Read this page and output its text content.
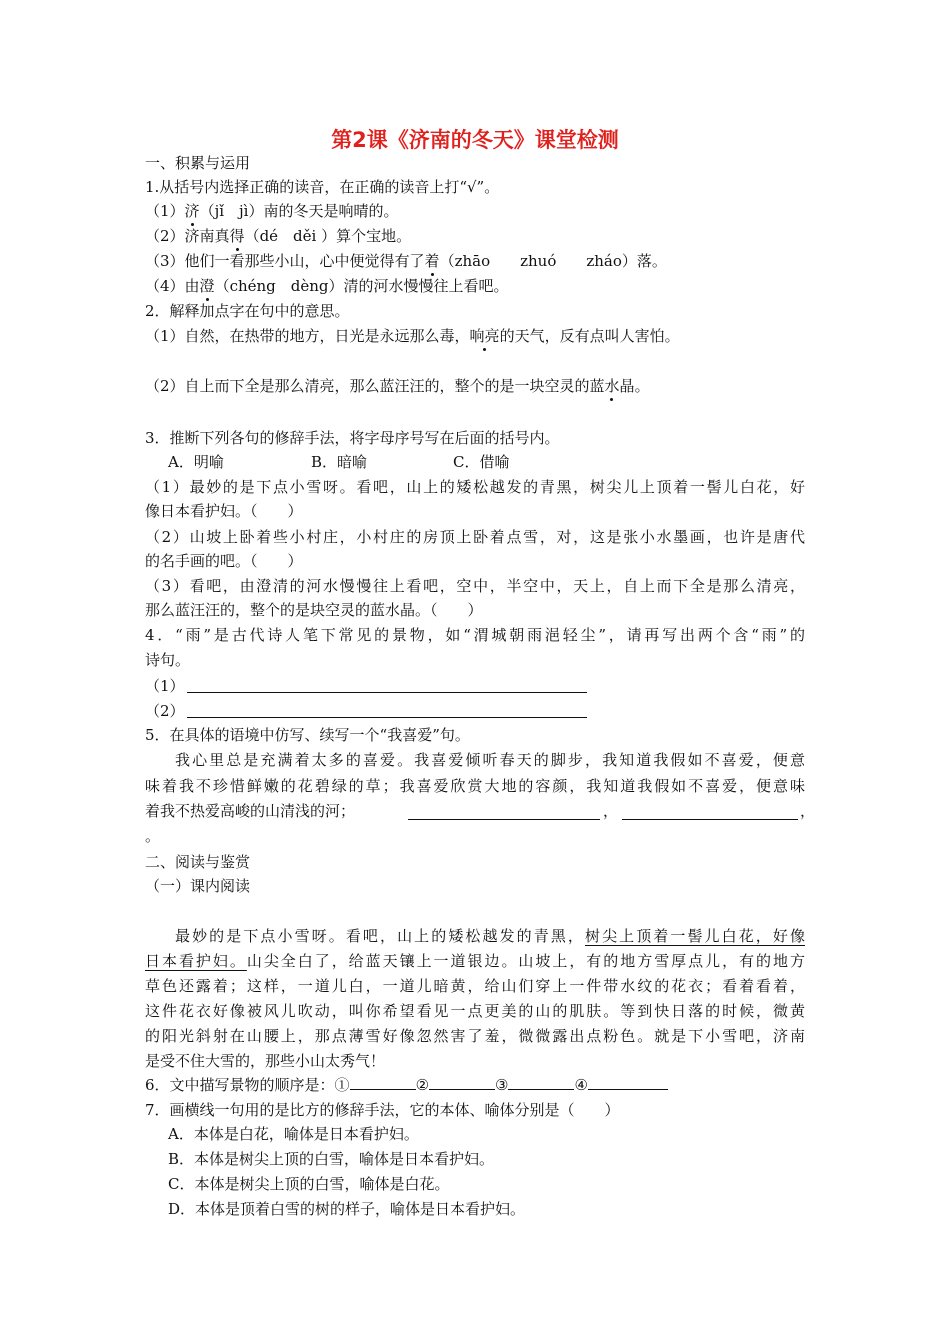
第2课《济南的冬天》课堂检测
一、积累与运用
1.从括号内选择正确的读音，在正确的读音上打“√”。
（1）济（jǐ　jì）南的冬天是响晴的。
（2）济南真得（dé　děi ）算个宝地。
（3）他们一看那些小山，心中便觉得有了着（zhāo　　zhuó　　zháo）落。
（4）由澄（chéng　dèng）清的河水慢慢往上看吧。
2．解释加点字在句中的意思。
（1）自然，在热带的地方，日光是永远那么毒，响亮的天气，反有点叫人害怕。
（2）自上而下全是那么清亮，那么蓝汪汪的，整个的是一块空灵的蓝水晶。
3．推断下列各句的修辞手法，将字母序号写在后面的括号内。
A．明喻	B．暗喻	C．借喻
（1）最妙的是下点小雪呀。看吧，山上的矮松越发的青黑，树尖儿上顶着一髻儿白花，好
像日本看护妇。（　　）
（2）山坡上卧着些小村庄，小村庄的房顶上卧着点雪，对，这是张小水墨画，也许是唐代
的名手画的吧。（　　）
（3）看吧，由澄清的河水慢慢往上看吧，空中，半空中，天上，自上而下全是那么清亮，
那么蓝汪汪的，整个的是块空灵的蓝水晶。（　　）
4．“雨”是古代诗人笔下常见的景物，如“渭城朝雨浥轻尘”，请再写出两个含“雨”的
诗句。
（1）
（2）
5．在具体的语境中仿写、续写一个“我喜爱”句。
我心里总是充满着太多的喜爱。我喜爱倾听春天的脚步，我知道我假如不喜爱，便意
味着我不珍惜鲜嫩的花碧绿的草；我喜爱欣赏大地的容颜，我知道我假如不喜爱，便意味
着我不热爱高峻的山清浅的河；	，	，
。
二、阅读与鉴赏
（一）课内阅读
最妙的是下点小雪呀。看吧，山上的矮松越发的青黑，树尖上顶着一髻儿白花，好像
日本看护妇。山尖全白了，给蓝天镶上一道银边。山坡上，有的地方雪厚点儿，有的地方
草色还露着；这样，一道儿白，一道儿暗黄，给山们穿上一件带水纹的花衣；看着看着，
这件花衣好像被风儿吹动，叫你希望看见一点更美的山的肌肤。等到快日落的时候，微黄
的阳光斜射在山腰上，那点薄雪好像忽然害了羞，微微露出点粉色。就是下小雪吧，济南
是受不住大雪的，那些小山太秀气！
6．文中描写景物的顺序是：①	②	③	④
7．画横线一句用的是比方的修辞手法，它的本体、喻体分别是（　　）
A．本体是白花，喻体是日本看护妇。
B．本体是树尖上顶的白雪，喻体是日本看护妇。
C．本体是树尖上顶的白雪，喻体是白花。
D．本体是顶着白雪的树的样子，喻体是日本看护妇。
